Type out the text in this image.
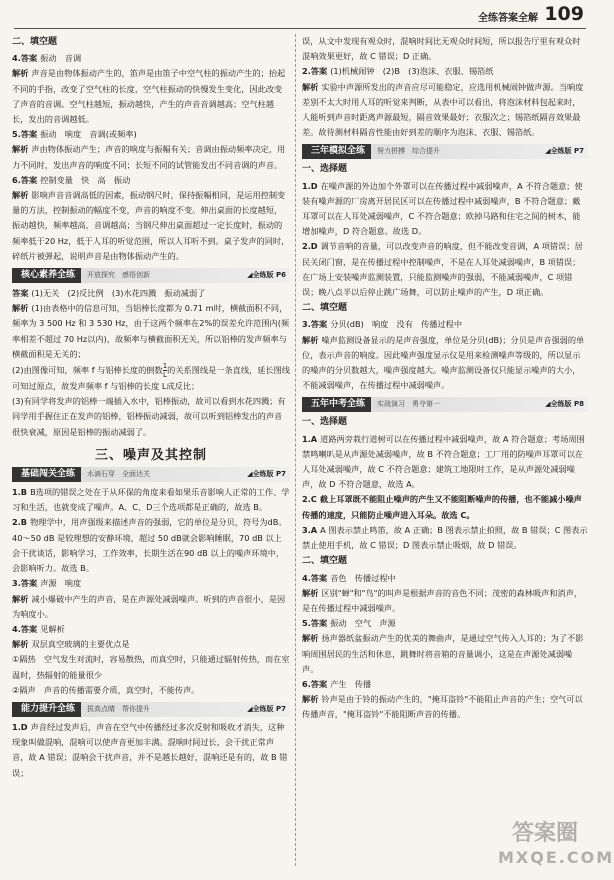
全练答案全解 109
二、填空题

4.答案 振动　音调

解析 声音是由物体振动产生的，笛声是由笛子中空气柱的振动产生的；抬起不同的手指，改变了空气柱的长度，空气柱振动的快慢发生变化，因此改变了声音的音调。空气柱越短，振动越快，产生的声音音调越高；空气柱越长，发出的音调越低。

5.答案 振动　响度　音调(或频率)

解析 声由物体振动产生；声音的响度与振幅有关；音调由振动频率决定，用力不同时，发出声音的响度不同；长短不同的试管能发出不同音调的声音。

6.答案 控制变量　快　高　振动

解析 影响声音音调高低的因素，振动钢尺时，保持振幅相同，是运用控制变量的方法，控制振动的幅度不变，声音的响度不变。伸出桌面的长度越短，振动越快，频率越高，音调越高；当钢尺伸出桌面超过一定长度时，振动的频率低于20 Hz，低于人耳的听觉范围，所以人耳听不到。桌子发声的同时，碎纸片被弹起，说明声音是由物体振动产生的。

核心素养全练	开放探究　感悟创新	◢全练版 P6

答案 (1)无关　(2)反比例　(3)水花四溅　振动减弱了

解析 (1)由表格中的信息可知，当铝棒长度都为 0.71 m时，横截面积不同，频率为 3 500 Hz 和 3 530 Hz，由于这两个频率在2%的误差允许范围内(频率相差不超过 70 Hz以内)，故频率与横截面积无关，所以铝棒的发声频率与横截面积是无关的；

(2)由图像可知，频率 f 与铝棒长度的倒数 $\frac{1}{L}$ 的关系图线是一条直线，延长图线可知过原点，故发声频率 f 与铝棒的长度 L成反比；

(3)有同学将发声的铝棒一端插入水中，铝棒振动，故可以看到水花四溅；有同学用手握住正在发声的铝棒，铝棒振动减弱，故可以听到铝棒发出的声音很快衰减，原因是铝棒的振动减弱了。

三、噪声及其控制
基础闯关全练	水滴石穿　全面达关	◢全练版 P7

1.B B选项的错误之处在于从环保的角度来看如果乐音影响人正常的工作、学习和生活，也就变成了噪声。A、C、D三个选项都是正确的，故选 B。

2.B 物理学中，用声强级来描述声音的强弱，它的单位是分贝，符号为dB。40～50 dB 是较理想的安静环境，超过 50 dB就会影响睡眠，70 dB 以上会干扰谈话，影响学习，工作效率，长期生活在90 dB 以上的噪声环境中，会影响听力。故选 B。

3.答案 声源　响度

解析 减小爆破中产生的声音，是在声源处减弱噪声。听到的声音很小，是因为响度小。

4.答案 见解析

解析 双层真空玻璃的主要优点是

①隔热　空气发生对流时，容易散热，而真空时，只能通过辐射传热，而在室温时，热辐射的能量很少

②隔声　声音的传播需要介质，真空时，不能传声。

能力提升全练	拔高点睛　帮你提升	◢全练版 P7

1.D 声音经过发声后，声音在空气中传播经过多次反射和吸收才消失，这种现象叫做混响，混响可以使声音更加丰满。混响时间过长，会干扰正常声音，故 A 错误；混响会干扰声音，并不是越长越好，混响还是有的，故 B 错误；

误，从文中发现有观众时，混响时间比无观众时间短，所以报告厅里有观众时混响效果更好，故 C 错误；D 正确。

2.答案 (1)机械闹钟　(2)B　(3)泡沫、衣服、锡箔纸

解析 实验中声源所发出的声音应尽可能稳定，应选用机械闹钟做声源。当响度差别不太大时用人耳的听觉来判断，从表中可以看出，将泡沫材料包起来时，人能听到声音时距离声源最短，隔音效果最好；衣服次之；锡箔纸隔音效果最差。故待测材料隔音性能由好到差的顺序为泡沫、衣服、锡箔纸。

三年模拟全练	努力拼搏　综合提升	◢全练版 P7
一、选择题

1.D 在噪声源的外边加个外罩可以在传播过程中减弱噪声，A 不符合题意；使装有噪声源的厂房离开居民区可以在传播过程中减弱噪声，B 不符合题意；戴耳罩可以在人耳处减弱噪声，C 不符合题意；欧掉马路和住宅之间的树木，能增加噪声，D 符合题意。故选 D。

2.D 调节音响的音量，可以改变声音的响度，但不能改变音调，A 项错误；居民关闭门窗，是在传播过程中控制噪声，不是在人耳处减弱噪声，B 项错误；在广场上安装噪声监测装置，只能监测噪声的强弱，不能减弱噪声，C 项错误；晚八点半以后停止跳广场舞，可以防止噪声的产生，D 项正确。

二、填空题

3.答案 分贝(dB)　响度　没有　传播过程中

解析 噪声监测设备显示的是声音强度，单位是分贝(dB)；分贝是声音强弱的单位，表示声音的响度。因此噪声强度显示仪是用来检测噪声等级的，所以显示的噪声的分贝数越大，噪声强度越大。噪声监测设备仅只能显示噪声的大小，不能减弱噪声，在传播过程中减弱噪声。

五年中考全练	实战演习　勇夺第一	◢全练版 P8
一、选择题

1.A 道路两旁栽行道树可以在传播过程中减弱噪声，故 A 符合题意；考场周围禁鸣喇叭是从声源处减弱噪声，故 B 不符合题意；工厂用的防噪声耳罩可以在人耳处减弱噪声，故 C 不符合题意；建筑工地限时工作，是从声源处减弱噪声，故 D 不符合题意，故选 A。

2.C 截上耳罩既不能阻止噪声的产生又不能阻断噪声的传播，也不能减小噪声传播的速度，只能防止噪声进入耳朵。故选 C。

3.A A 图表示禁止鸣笛，故 A 正确；B 图表示禁止拍照，故 B 错误；C 图表示禁止使用手机，故 C 错误；D 图表示禁止吸烟，故 D 错误。

二、填空题

4.答案 音色　传播过程中

解析 区别"蝉"和"鸟"的叫声是根据声音的音色不同；茂密的森林吸声和消声，是在传播过程中减弱噪声。

5.答案 振动　空气　声源

解析 扬声器纸盆振动产生的优美的舞曲声，是通过空气传入人耳的；为了不影响周围居民的生活和休息，跳舞时将音箱的音量调小，这是在声源处减弱噪声。

6.答案 产生　传播

解析 铃声是由于铃的振动产生的，"掩耳盗铃"不能阻止声音的产生；空气可以传播声音，"掩耳盗铃"不能阻断声音的传播。

答案圈
MXQE.COM
